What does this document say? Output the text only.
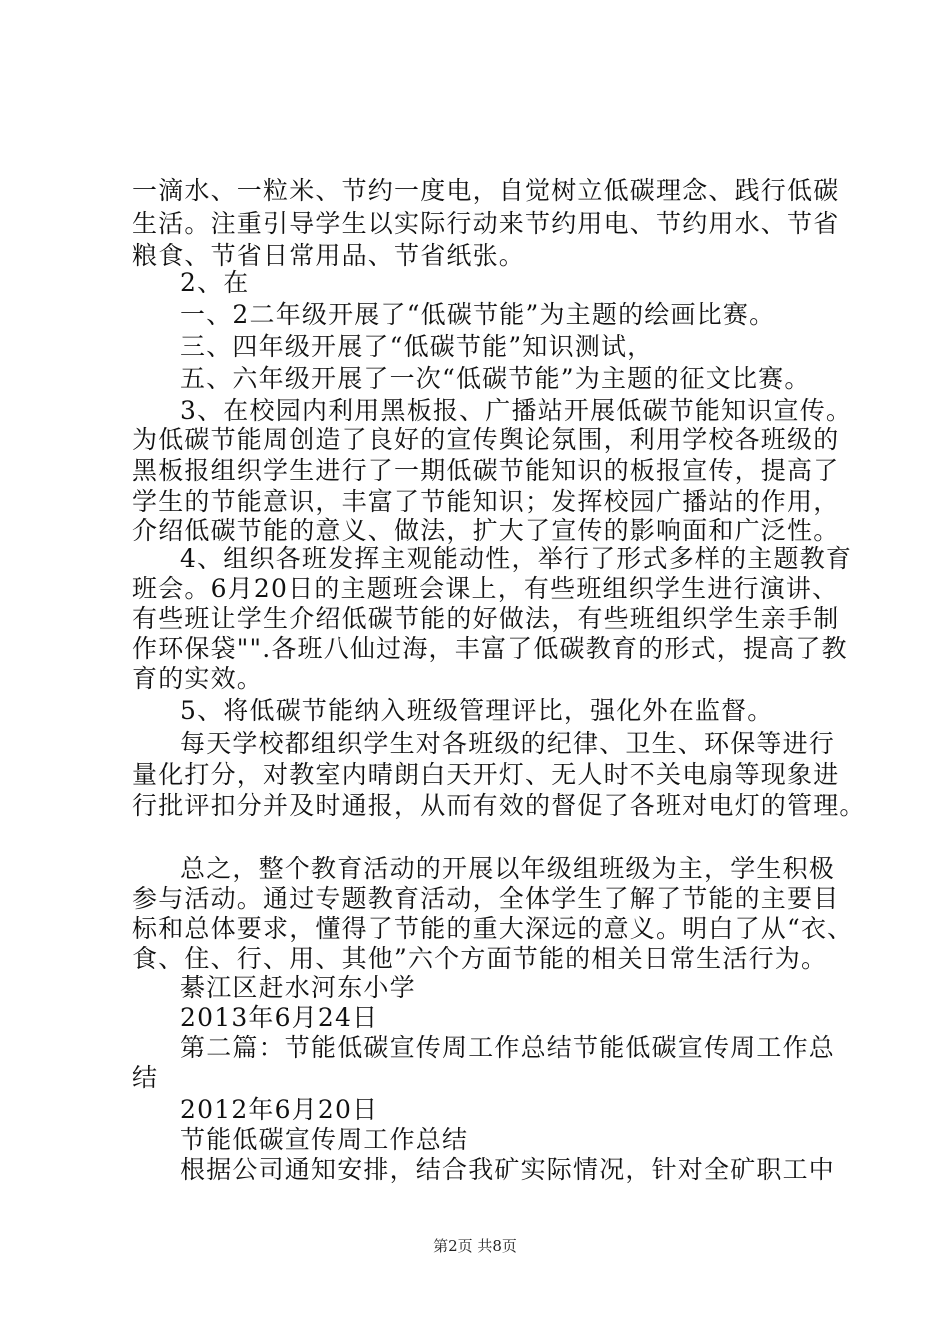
一滴水、一粒米、节约一度电，自觉树立低碳理念、践行低碳
生活。注重引导学生以实际行动来节约用电、节约用水、节省
粮食、节省日常用品、节省纸张。
2、在
一、2二年级开展了“低碳节能”为主题的绘画比赛。
三、四年级开展了“低碳节能”知识测试，
五、六年级开展了一次“低碳节能”为主题的征文比赛。
3、在校园内利用黑板报、广播站开展低碳节能知识宣传。
为低碳节能周创造了良好的宣传舆论氛围，利用学校各班级的
黑板报组织学生进行了一期低碳节能知识的板报宣传，提高了
学生的节能意识，丰富了节能知识；发挥校园广播站的作用，
介绍低碳节能的意义、做法，扩大了宣传的影响面和广泛性。
4、组织各班发挥主观能动性，举行了形式多样的主题教育
班会。6月20日的主题班会课上，有些班组织学生进行演讲、
有些班让学生介绍低碳节能的好做法，有些班组织学生亲手制
作环保袋"".各班八仙过海，丰富了低碳教育的形式，提高了教
育的实效。
5、将低碳节能纳入班级管理评比，强化外在监督。
每天学校都组织学生对各班级的纪律、卫生、环保等进行
量化打分，对教室内晴朗白天开灯、无人时不关电扇等现象进
行批评扣分并及时通报，从而有效的督促了各班对电灯的管理。
总之，整个教育活动的开展以年级组班级为主，学生积极
参与活动。通过专题教育活动，全体学生了解了节能的主要目
标和总体要求，懂得了节能的重大深远的意义。明白了从“衣、
食、住、行、用、其他”六个方面节能的相关日常生活行为。
綦江区赶水河东小学
2013年6月24日
第二篇：节能低碳宣传周工作总结节能低碳宣传周工作总
结
2012年6月20日
节能低碳宣传周工作总结
根据公司通知安排，结合我矿实际情况，针对全矿职工中
第2页 共8页
